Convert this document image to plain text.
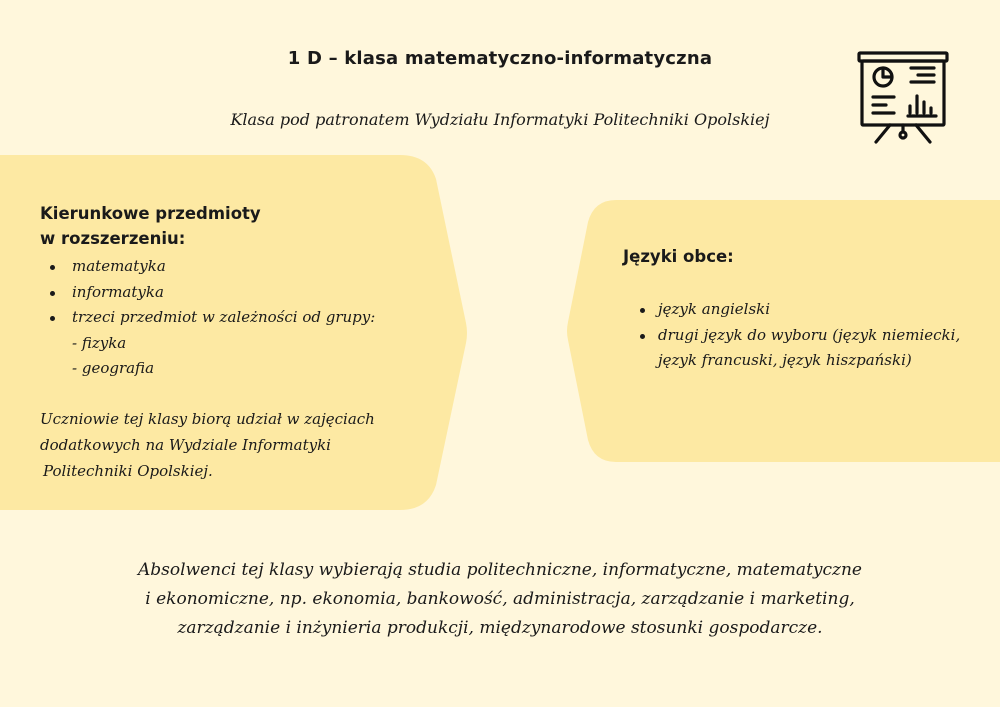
1 D – klasa matematyczno-informatyczna
Klasa pod patronatem Wydziału Informatyki Politechniki Opolskiej
Kierunkowe przedmioty
w rozszerzeniu:
matematyka
informatyka
trzeci przedmiot w zależności od grupy:
- fizyka
- geografia
Uczniowie tej klasy biorą udział w zajęciach
dodatkowych na Wydziale Informatyki
Politechniki Opolskiej.
Języki obce:
język angielski
drugi język do wyboru (język niemiecki,
język francuski, język hiszpański)
Absolwenci tej klasy wybierają studia politechniczne, informatyczne, matematyczne
i ekonomiczne, np. ekonomia, bankowość, administracja, zarządzanie i marketing,
zarządzanie i inżynieria produkcji, międzynarodowe stosunki gospodarcze.
